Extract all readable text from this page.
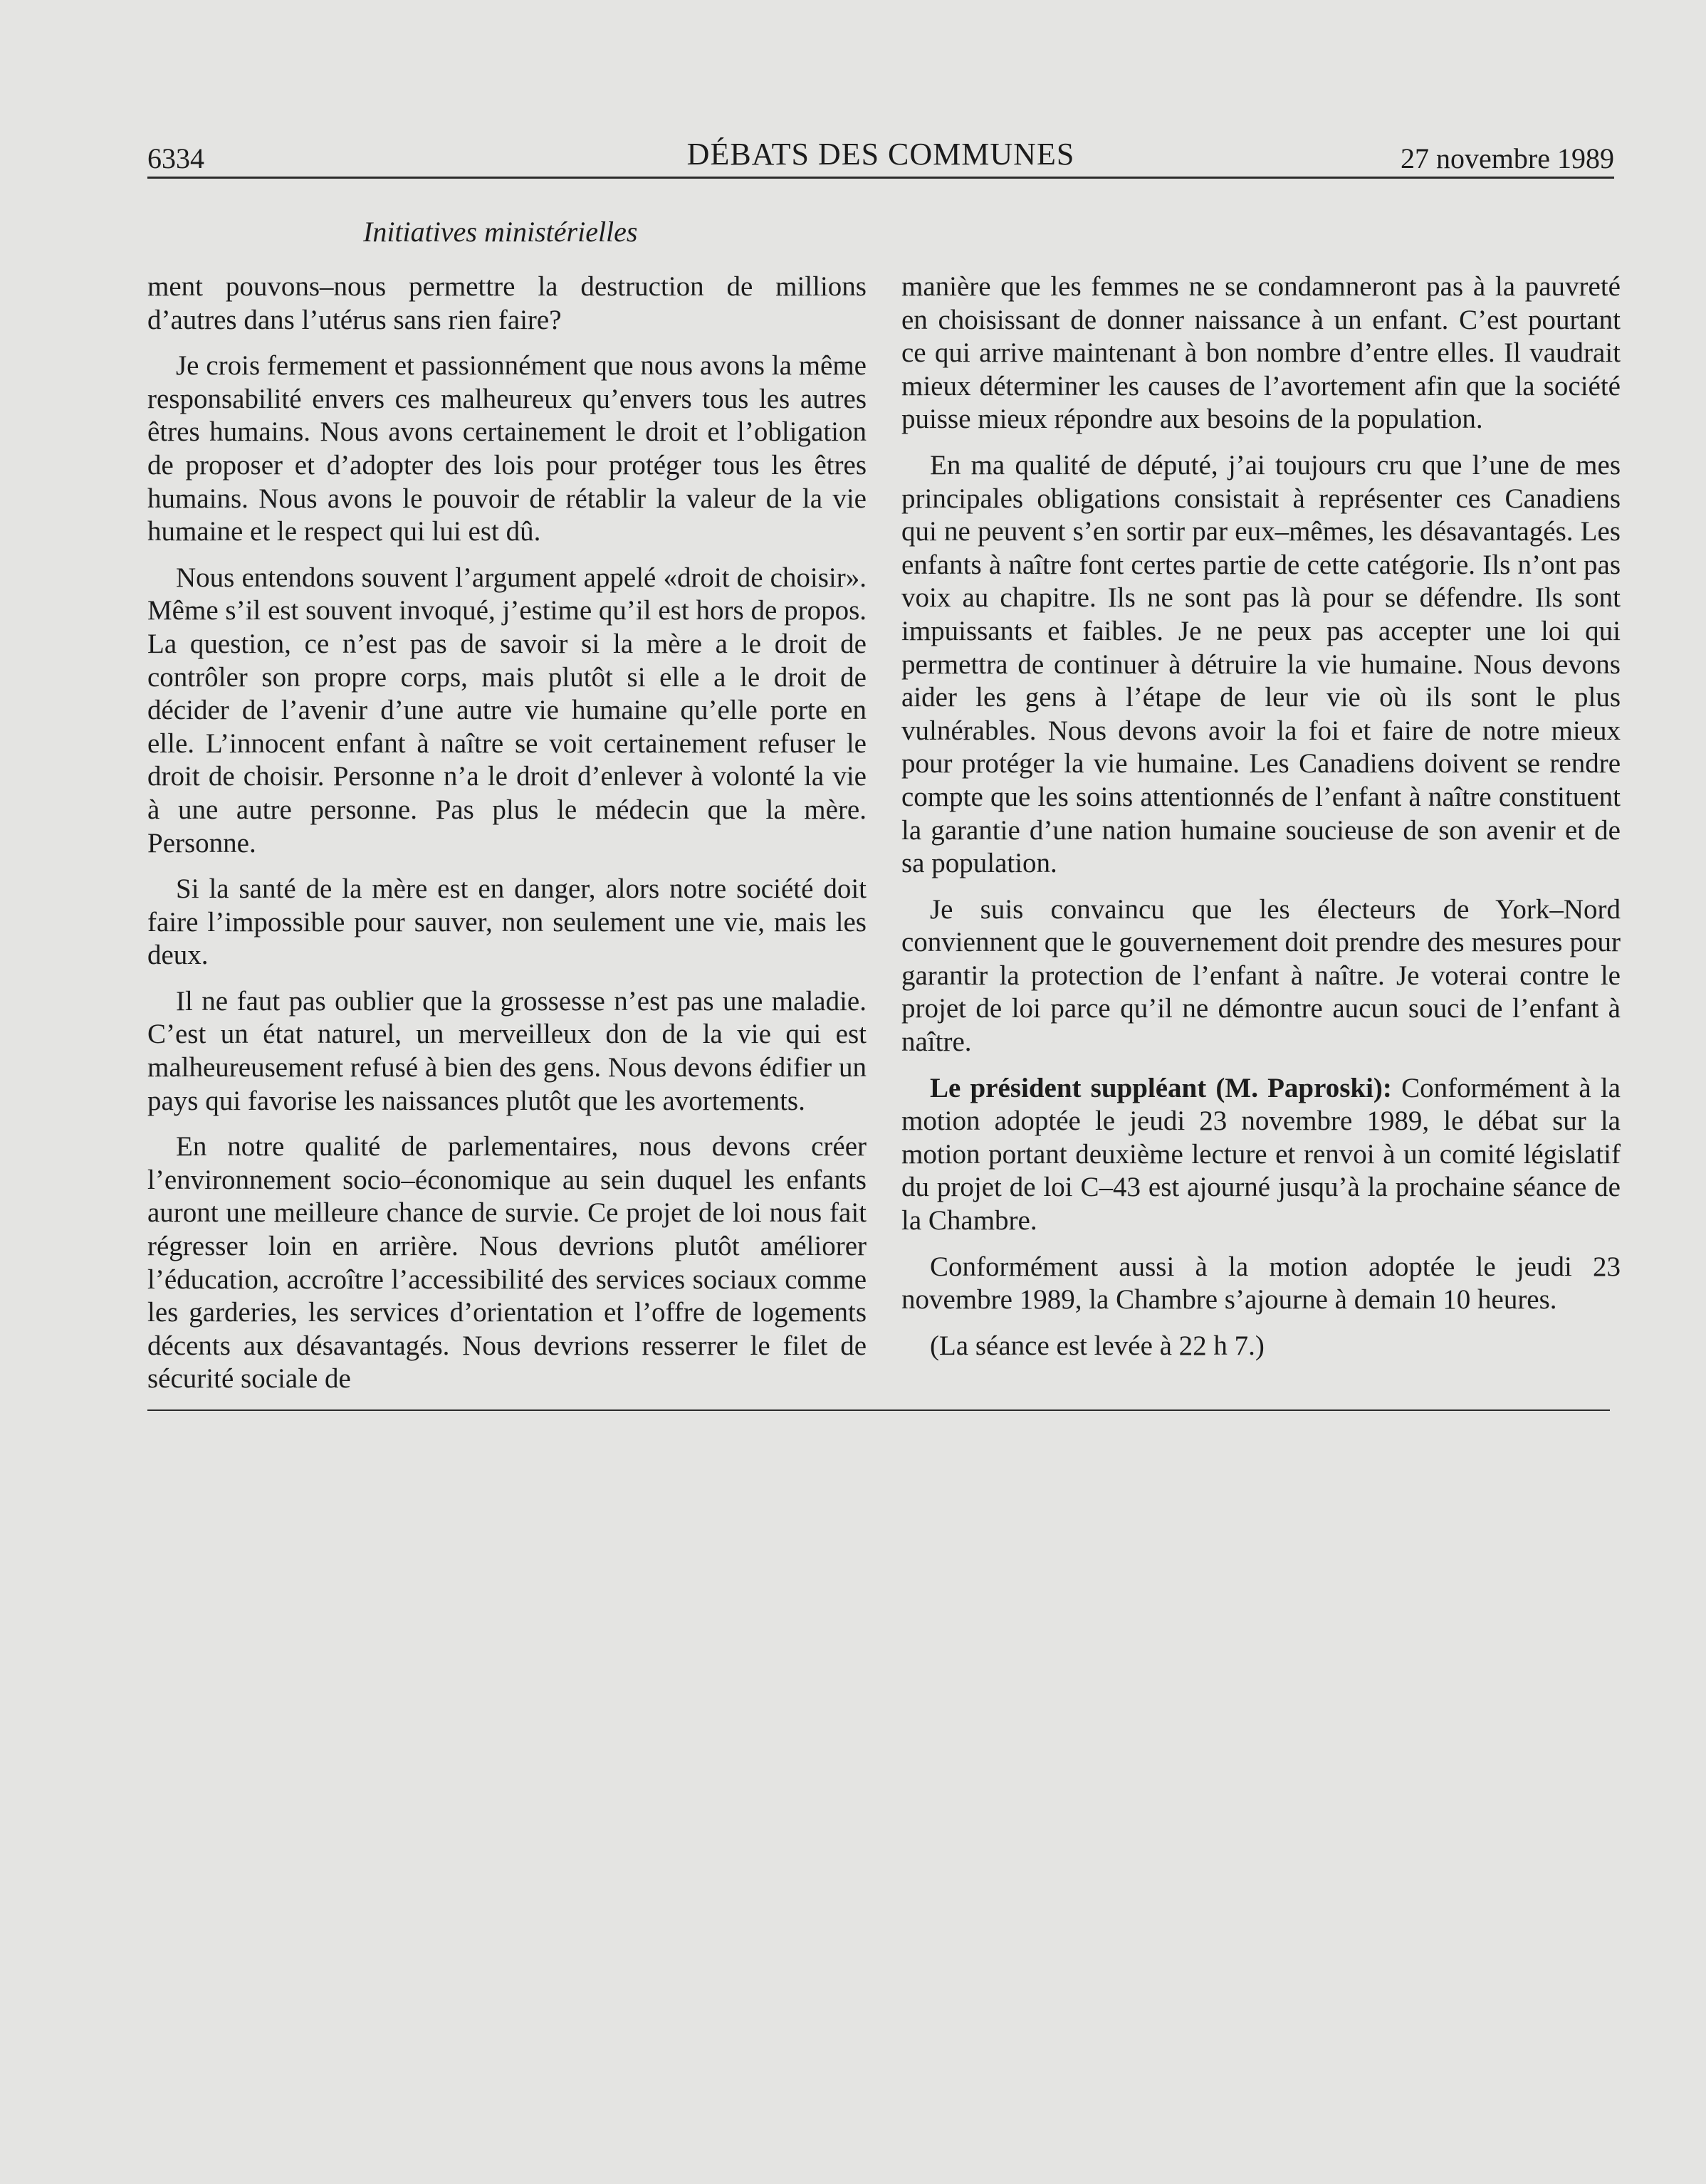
6334	DÉBATS DES COMMUNES	27 novembre 1989
Initiatives ministérielles

ment pouvons–nous permettre la destruction de millions d’autres dans l’utérus sans rien faire?

Je crois fermement et passionnément que nous avons la même responsabilité envers ces malheureux qu’envers tous les autres êtres humains. Nous avons certainement le droit et l’obligation de proposer et d’adopter des lois pour protéger tous les êtres humains. Nous avons le pouvoir de rétablir la valeur de la vie humaine et le respect qui lui est dû.

Nous entendons souvent l’argument appelé «droit de choisir». Même s’il est souvent invoqué, j’estime qu’il est hors de propos. La question, ce n’est pas de savoir si la mère a le droit de contrôler son propre corps, mais plutôt si elle a le droit de décider de l’avenir d’une autre vie humaine qu’elle porte en elle. L’innocent enfant à naître se voit certainement refuser le droit de choisir. Personne n’a le droit d’enlever à volonté la vie à une autre personne. Pas plus le médecin que la mère. Personne.

Si la santé de la mère est en danger, alors notre société doit faire l’impossible pour sauver, non seulement une vie, mais les deux.

Il ne faut pas oublier que la grossesse n’est pas une maladie. C’est un état naturel, un merveilleux don de la vie qui est malheureusement refusé à bien des gens. Nous devons édifier un pays qui favorise les naissances plutôt que les avortements.

En notre qualité de parlementaires, nous devons créer l’environnement socio–économique au sein duquel les enfants auront une meilleure chance de survie. Ce projet de loi nous fait régresser loin en arrière. Nous devrions plutôt améliorer l’éducation, accroître l’accessibilité des services sociaux comme les garderies, les services d’orientation et l’offre de logements décents aux désavantagés. Nous devrions resserrer le filet de sécurité sociale de

manière que les femmes ne se condamneront pas à la pauvreté en choisissant de donner naissance à un enfant. C’est pourtant ce qui arrive maintenant à bon nombre d’entre elles. Il vaudrait mieux déterminer les causes de l’avortement afin que la société puisse mieux répondre aux besoins de la population.

En ma qualité de député, j’ai toujours cru que l’une de mes principales obligations consistait à représenter ces Canadiens qui ne peuvent s’en sortir par eux–mêmes, les désavantagés. Les enfants à naître font certes partie de cette catégorie. Ils n’ont pas voix au chapitre. Ils ne sont pas là pour se défendre. Ils sont impuissants et faibles. Je ne peux pas accepter une loi qui permettra de continuer à détruire la vie humaine. Nous devons aider les gens à l’étape de leur vie où ils sont le plus vulnérables. Nous devons avoir la foi et faire de notre mieux pour protéger la vie humaine. Les Canadiens doivent se rendre compte que les soins attentionnés de l’enfant à naître constituent la garantie d’une nation humaine soucieuse de son avenir et de sa population.

Je suis convaincu que les électeurs de York–Nord conviennent que le gouvernement doit prendre des mesures pour garantir la protection de l’enfant à naître. Je voterai contre le projet de loi parce qu’il ne démontre aucun souci de l’enfant à naître.

Le président suppléant (M. Paproski): Conformément à la motion adoptée le jeudi 23 novembre 1989, le débat sur la motion portant deuxième lecture et renvoi à un comité législatif du projet de loi C–43 est ajourné jusqu’à la prochaine séance de la Chambre.

Conformément aussi à la motion adoptée le jeudi 23 novembre 1989, la Chambre s’ajourne à demain 10 heures.

(La séance est levée à 22 h 7.)
